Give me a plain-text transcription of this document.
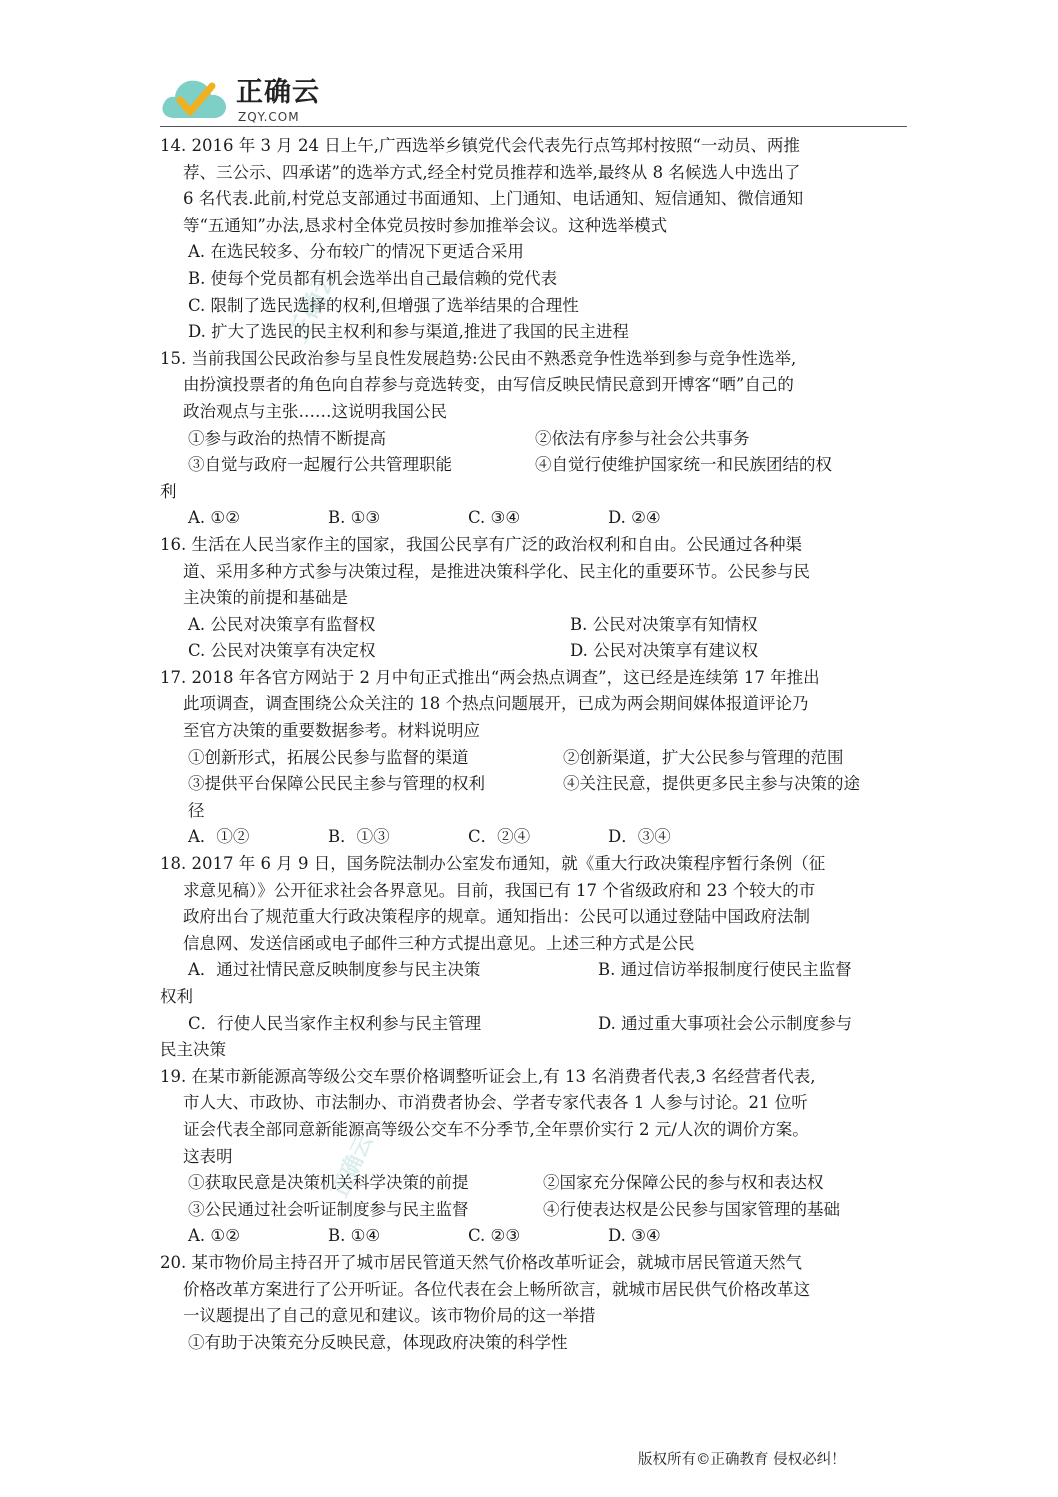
正确云
ZQY.COM
正确云
正确云
14. 2016 年 3 月 24 日上午,广西选举乡镇党代会代表先行点笃邦村按照“一动员、两推
荐、三公示、四承诺”的选举方式,经全村党员推荐和选举,最终从 8 名候选人中选出了
6 名代表.此前,村党总支部通过书面通知、上门通知、电话通知、短信通知、微信通知
等“五通知”办法,恳求村全体党员按时参加推举会议。这种选举模式
A. 在选民较多、分布较广的情况下更适合采用
B. 使每个党员都有机会选举出自己最信赖的党代表
C. 限制了选民选择的权利,但增强了选举结果的合理性
D. 扩大了选民的民主权利和参与渠道,推进了我国的民主进程
15. 当前我国公民政治参与呈良性发展趋势:公民由不熟悉竞争性选举到参与竞争性选举,
由扮演投票者的角色向自荐参与竞选转变，由写信反映民情民意到开博客“晒”自己的
政治观点与主张……这说明我国公民
①参与政治的热情不断提高	②依法有序参与社会公共事务
③自觉与政府一起履行公共管理职能	④自觉行使维护国家统一和民族团结的权
利
A. ①②	B. ①③	C. ③④	D. ②④
16. 生活在人民当家作主的国家，我国公民享有广泛的政治权利和自由。公民通过各种渠
道、采用多种方式参与决策过程，是推进决策科学化、民主化的重要环节。公民参与民
主决策的前提和基础是
A. 公民对决策享有监督权	B. 公民对决策享有知情权
C. 公民对决策享有决定权	D. 公民对决策享有建议权
17. 2018 年各官方网站于 2 月中旬正式推出“两会热点调查”，这已经是连续第 17 年推出
此项调查，调查围绕公众关注的 18 个热点问题展开，已成为两会期间媒体报道评论乃
至官方决策的重要数据参考。材料说明应
①创新形式，拓展公民参与监督的渠道	②创新渠道，扩大公民参与管理的范围
③提供平台保障公民民主参与管理的权利	④关注民意，提供更多民主参与决策的途
径
A．①②	B．①③	C．②④	D．③④
18. 2017 年 6 月 9 日，国务院法制办公室发布通知，就《重大行政决策程序暂行条例（征
求意见稿）》公开征求社会各界意见。目前，我国已有 17 个省级政府和 23 个较大的市
政府出台了规范重大行政决策程序的规章。通知指出：公民可以通过登陆中国政府法制
信息网、发送信函或电子邮件三种方式提出意见。上述三种方式是公民
A．通过社情民意反映制度参与民主决策	B. 通过信访举报制度行使民主监督
权利
C．行使人民当家作主权利参与民主管理	D. 通过重大事项社会公示制度参与
民主决策
19. 在某市新能源高等级公交车票价格调整听证会上,有 13 名消费者代表,3 名经营者代表,
市人大、市政协、市法制办、市消费者协会、学者专家代表各 1 人参与讨论。21 位听
证会代表全部同意新能源高等级公交车不分季节,全年票价实行 2 元/人次的调价方案。
这表明
①获取民意是决策机关科学决策的前提	②国家充分保障公民的参与权和表达权
③公民通过社会听证制度参与民主监督	④行使表达权是公民参与国家管理的基础
A. ①②	B. ①④	C. ②③	D. ③④
20. 某市物价局主持召开了城市居民管道天然气价格改革听证会，就城市居民管道天然气
价格改革方案进行了公开听证。各位代表在会上畅所欲言，就城市居民供气价格改革这
一议题提出了自己的意见和建议。该市物价局的这一举措
①有助于决策充分反映民意，体现政府决策的科学性
版权所有©正确教育 侵权必纠！
